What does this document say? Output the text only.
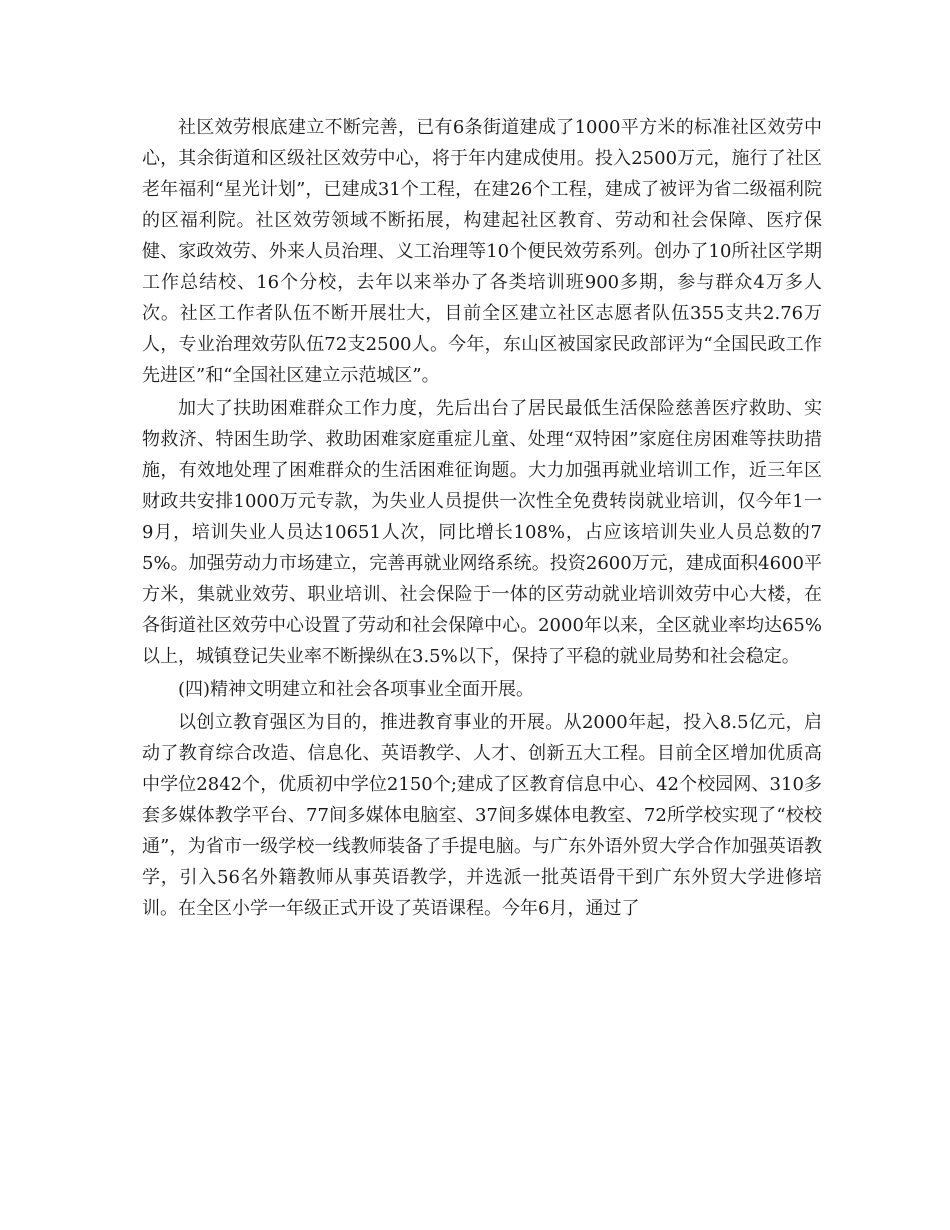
社区效劳根底建立不断完善，已有6条街道建成了1000平方米的标准社区效劳中心，其余街道和区级社区效劳中心，将于年内建成使用。投入2500万元，施行了社区老年福利“星光计划”，已建成31个工程，在建26个工程，建成了被评为省二级福利院的区福利院。社区效劳领域不断拓展，构建起社区教育、劳动和社会保障、医疗保健、家政效劳、外来人员治理、义工治理等10个便民效劳系列。创办了10所社区学期工作总结校、16个分校，去年以来举办了各类培训班900多期，参与群众4万多人次。社区工作者队伍不断开展壮大，目前全区建立社区志愿者队伍355支共2.76万人，专业治理效劳队伍72支2500人。今年，东山区被国家民政部评为“全国民政工作先进区”和“全国社区建立示范城区”。

加大了扶助困难群众工作力度，先后出台了居民最低生活保险慈善医疗救助、实物救济、特困生助学、救助困难家庭重症儿童、处理“双特困”家庭住房困难等扶助措施，有效地处理了困难群众的生活困难征询题。大力加强再就业培训工作，近三年区财政共安排1000万元专款，为失业人员提供一次性全免费转岗就业培训，仅今年1一9月，培训失业人员达10651人次，同比增长108%，占应该培训失业人员总数的75%。加强劳动力市场建立，完善再就业网络系统。投资2600万元，建成面积4600平方米，集就业效劳、职业培训、社会保险于一体的区劳动就业培训效劳中心大楼，在各街道社区效劳中心设置了劳动和社会保障中心。2000年以来，全区就业率均达65%以上，城镇登记失业率不断操纵在3.5%以下，保持了平稳的就业局势和社会稳定。

(四)精神文明建立和社会各项事业全面开展。

以创立教育强区为目的，推进教育事业的开展。从2000年起，投入8.5亿元，启动了教育综合改造、信息化、英语教学、人才、创新五大工程。目前全区增加优质高中学位2842个，优质初中学位2150个;建成了区教育信息中心、42个校园网、310多套多媒体教学平台、77间多媒体电脑室、37间多媒体电教室、72所学校实现了“校校通”，为省市一级学校一线教师装备了手提电脑。与广东外语外贸大学合作加强英语教学，引入56名外籍教师从事英语教学，并选派一批英语骨干到广东外贸大学进修培训。在全区小学一年级正式开设了英语课程。今年6月，通过了
